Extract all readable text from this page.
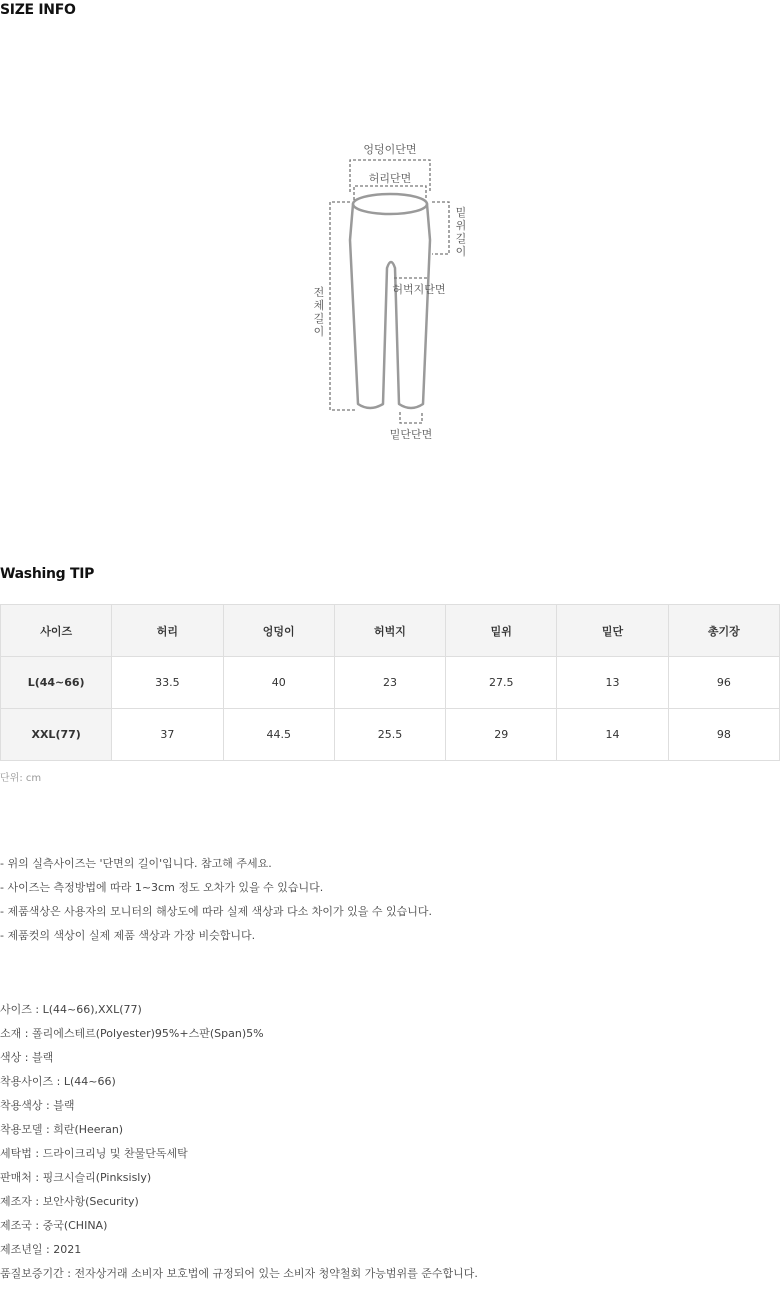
SIZE INFO
엉덩이단면
허리단면
허벅지단면
밑단단면
밑
위
길
이
전
체
길
이
Washing TIP
사이즈	허리	엉덩이	허벅지	밑위	밑단	총기장
L(44~66)	33.5	40	23	27.5	13	96
XXL(77)	37	44.5	25.5	29	14	98
단위: cm
- 위의 실측사이즈는 '단면의 길이'입니다. 참고해 주세요.
- 사이즈는 측정방법에 따라 1~3cm 정도 오차가 있을 수 있습니다.
- 제품색상은 사용자의 모니터의 해상도에 따라 실제 색상과 다소 차이가 있을 수 있습니다.
- 제품컷의 색상이 실제 제품 색상과 가장 비슷합니다.
사이즈 : L(44~66),XXL(77)
소재 : 폴리에스테르(Polyester)95%+스판(Span)5%
색상 : 블랙
착용사이즈 : L(44~66)
착용색상 : 블랙
착용모델 : 희란(Heeran)
세탁법 : 드라이크리닝 및 찬물단독세탁
판매처 : 핑크시슬리(Pinksisly)
제조자 : 보안사항(Security)
제조국 : 중국(CHINA)
제조년일 : 2021
품질보증기간 : 전자상거래 소비자 보호법에 규정되어 있는 소비자 청약철회 가능범위를 준수합니다.
